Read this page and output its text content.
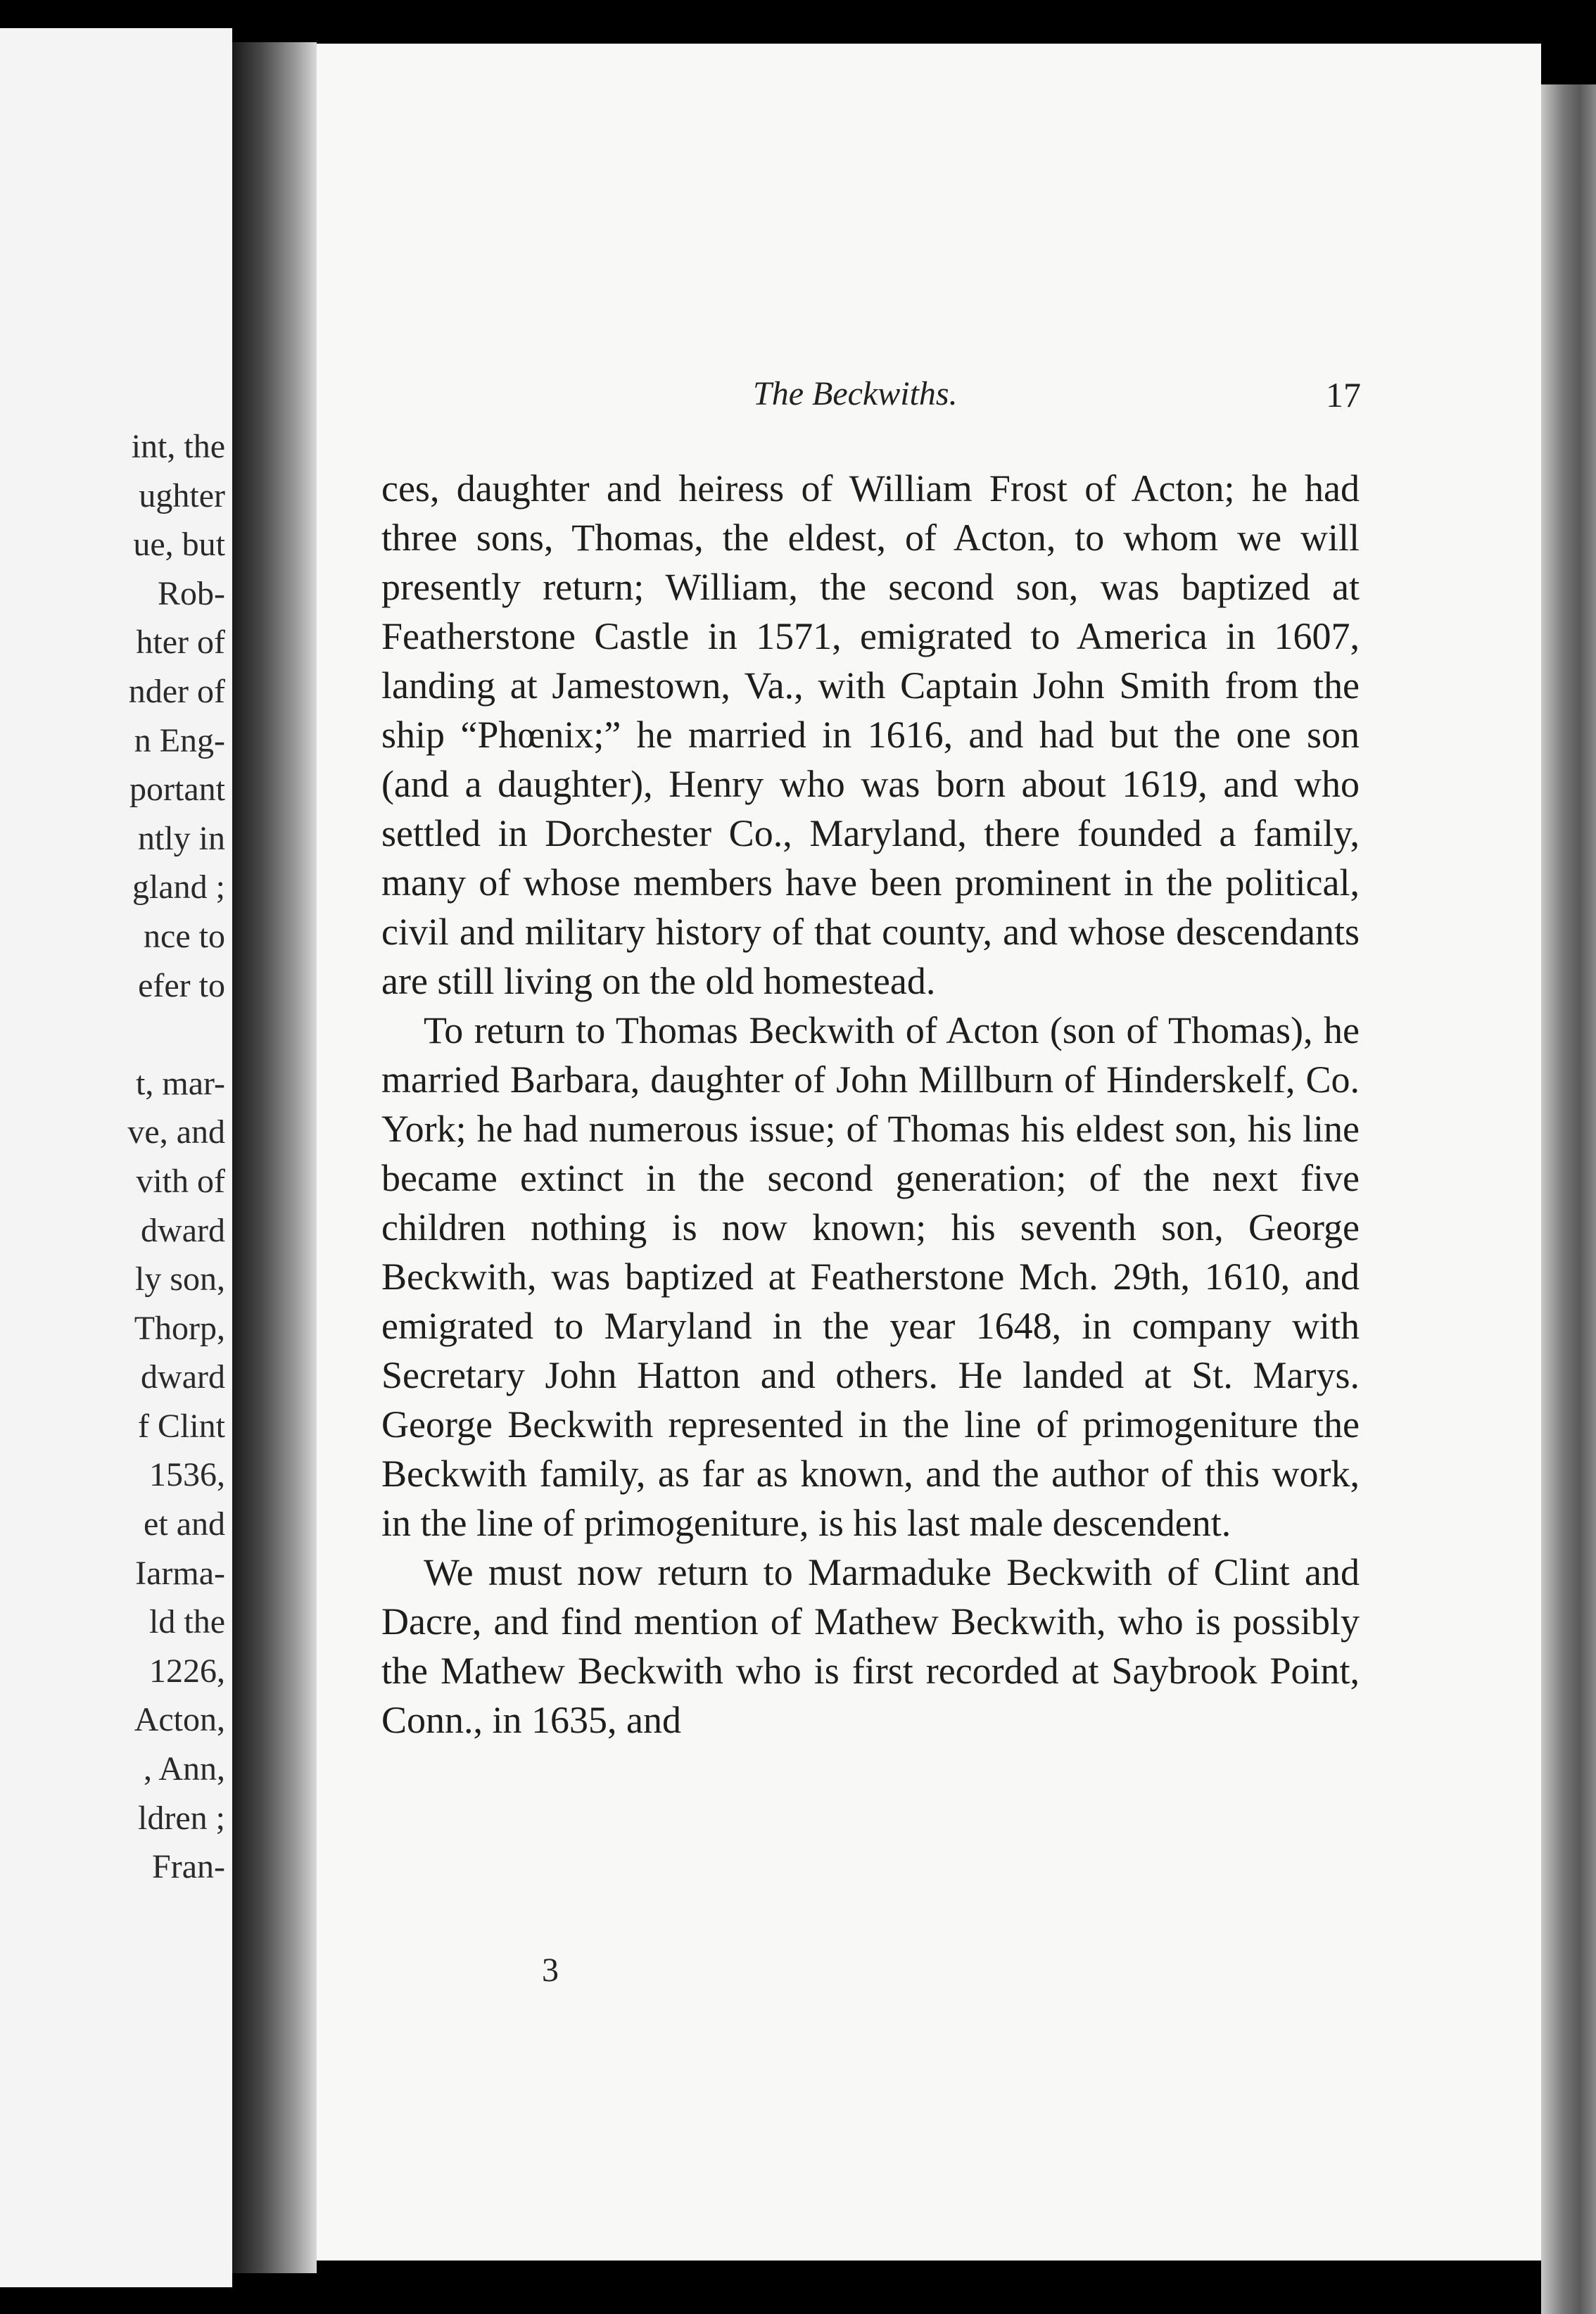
int, the
ughter
ue, but
Rob-
hter of
nder of
n Eng-
portant
ntly in
gland ;
nce to
efer to

t, mar-
ve, and
vith of
dward
ly son,
Thorp,
dward
f Clint
1536,
et and
Iarma-
ld the
1226,
Acton,
, Ann,
ldren ;
Fran-
The Beckwiths.	17

ces, daughter and heiress of William Frost of Acton; he had three sons, Thomas, the eldest, of Acton, to whom we will presently return; William, the second son, was baptized at Featherstone Castle in 1571, emigrated to America in 1607, landing at Jamestown, Va., with Captain John Smith from the ship “Phœnix;” he married in 1616, and had but the one son (and a daughter), Henry who was born about 1619, and who settled in Dorchester Co., Maryland, there founded a family, many of whose members have been prominent in the political, civil and military history of that county, and whose descendants are still living on the old homestead.

To return to Thomas Beckwith of Acton (son of Thomas), he married Barbara, daughter of John Millburn of Hinderskelf, Co. York; he had numerous issue; of Thomas his eldest son, his line became extinct in the second generation; of the next five children nothing is now known; his seventh son, George Beckwith, was baptized at Featherstone Mch. 29th, 1610, and emigrated to Maryland in the year 1648, in company with Secretary John Hatton and others. He landed at St. Marys. George Beckwith represented in the line of primogeniture the Beckwith family, as far as known, and the author of this work, in the line of primogeniture, is his last male descendent.

We must now return to Marmaduke Beckwith of Clint and Dacre, and find mention of Mathew Beckwith, who is possibly the Mathew Beckwith who is first recorded at Saybrook Point, Conn., in 1635, and

3
